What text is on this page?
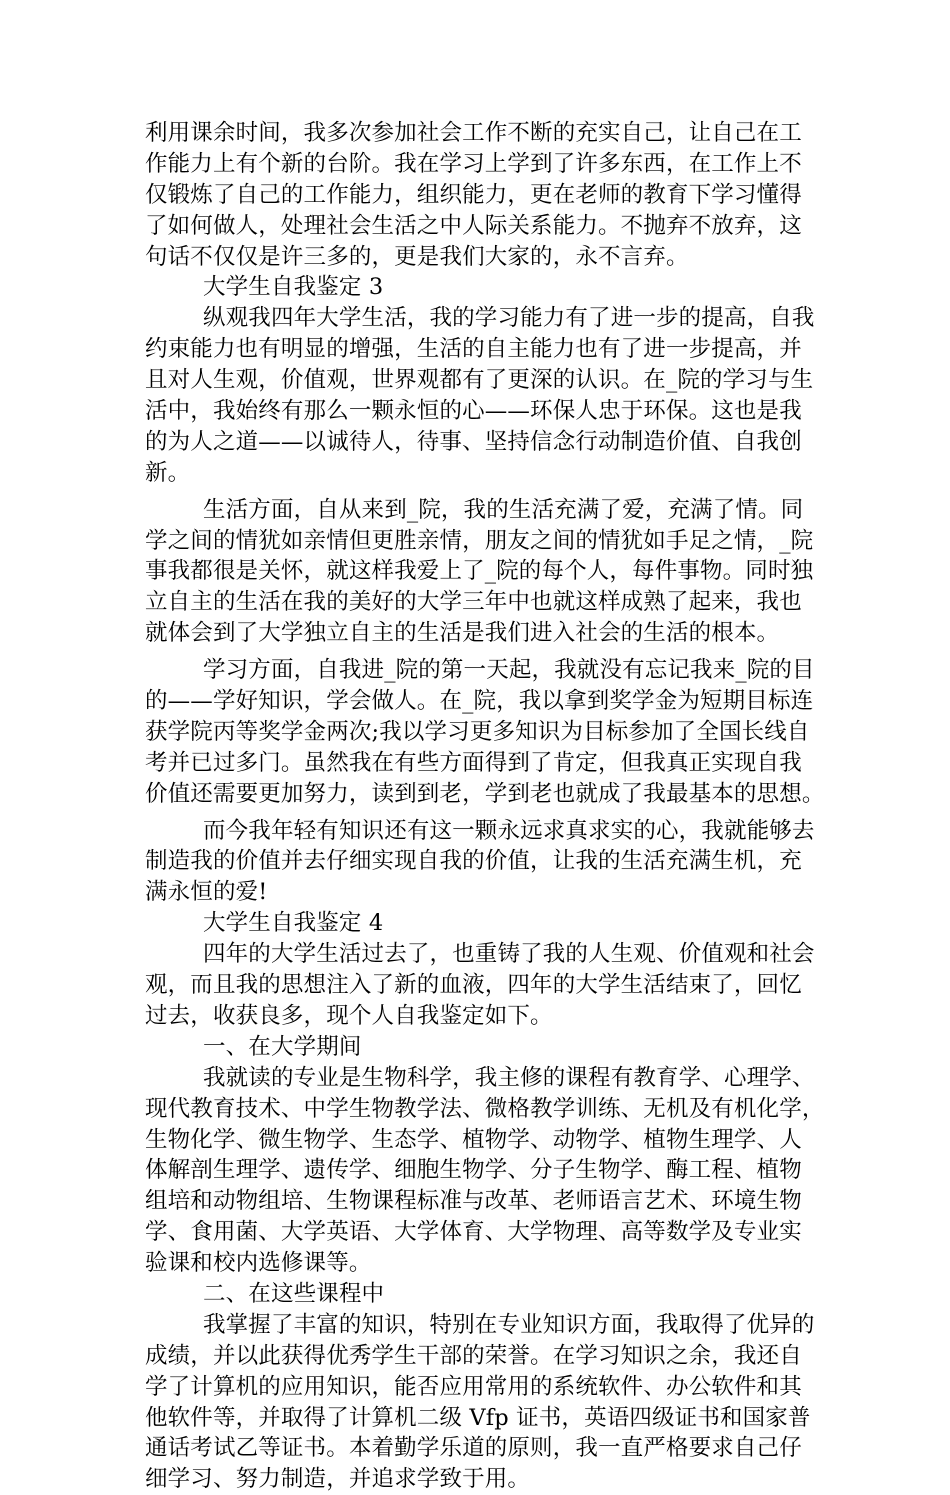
利用课余时间，我多次参加社会工作不断的充实自己，让自己在工
作能力上有个新的台阶。我在学习上学到了许多东西，在工作上不
仅锻炼了自己的工作能力，组织能力，更在老师的教育下学习懂得
了如何做人，处理社会生活之中人际关系能力。不抛弃不放弃，这
句话不仅仅是许三多的，更是我们大家的，永不言弃。
大学生自我鉴定 3
纵观我四年大学生活，我的学习能力有了进一步的提高，自我
约束能力也有明显的增强，生活的自主能力也有了进一步提高，并
且对人生观，价值观，世界观都有了更深的认识。在_院的学习与生
活中，我始终有那么一颗永恒的心——环保人忠于环保。这也是我
的为人之道——以诚待人，待事、坚持信念行动制造价值、自我创
新。
生活方面，自从来到_院，我的生活充满了爱，充满了情。同
学之间的情犹如亲情但更胜亲情，朋友之间的情犹如手足之情，_院
事我都很是关怀，就这样我爱上了_院的每个人，每件事物。同时独
立自主的生活在我的美好的大学三年中也就这样成熟了起来，我也
就体会到了大学独立自主的生活是我们进入社会的生活的根本。
学习方面，自我进_院的第一天起，我就没有忘记我来_院的目
的——学好知识，学会做人。在_院，我以拿到奖学金为短期目标连
获学院丙等奖学金两次;我以学习更多知识为目标参加了全国长线自
考并已过多门。虽然我在有些方面得到了肯定，但我真正实现自我
价值还需要更加努力，读到到老，学到老也就成了我最基本的思想。
而今我年轻有知识还有这一颗永远求真求实的心，我就能够去
制造我的价值并去仔细实现自我的价值，让我的生活充满生机，充
满永恒的爱!
大学生自我鉴定 4
四年的大学生活过去了，也重铸了我的人生观、价值观和社会
观，而且我的思想注入了新的血液，四年的大学生活结束了，回忆
过去，收获良多，现个人自我鉴定如下。
一、在大学期间
我就读的专业是生物科学，我主修的课程有教育学、心理学、
现代教育技术、中学生物教学法、微格教学训练、无机及有机化学，
生物化学、微生物学、生态学、植物学、动物学、植物生理学、人
体解剖生理学、遗传学、细胞生物学、分子生物学、酶工程、植物
组培和动物组培、生物课程标准与改革、老师语言艺术、环境生物
学、食用菌、大学英语、大学体育、大学物理、高等数学及专业实
验课和校内选修课等。
二、在这些课程中
我掌握了丰富的知识，特别在专业知识方面，我取得了优异的
成绩，并以此获得优秀学生干部的荣誉。在学习知识之余，我还自
学了计算机的应用知识，能否应用常用的系统软件、办公软件和其
他软件等，并取得了计算机二级 Vfp 证书，英语四级证书和国家普
通话考试乙等证书。本着勤学乐道的原则，我一直严格要求自己仔
细学习、努力制造，并追求学致于用。
